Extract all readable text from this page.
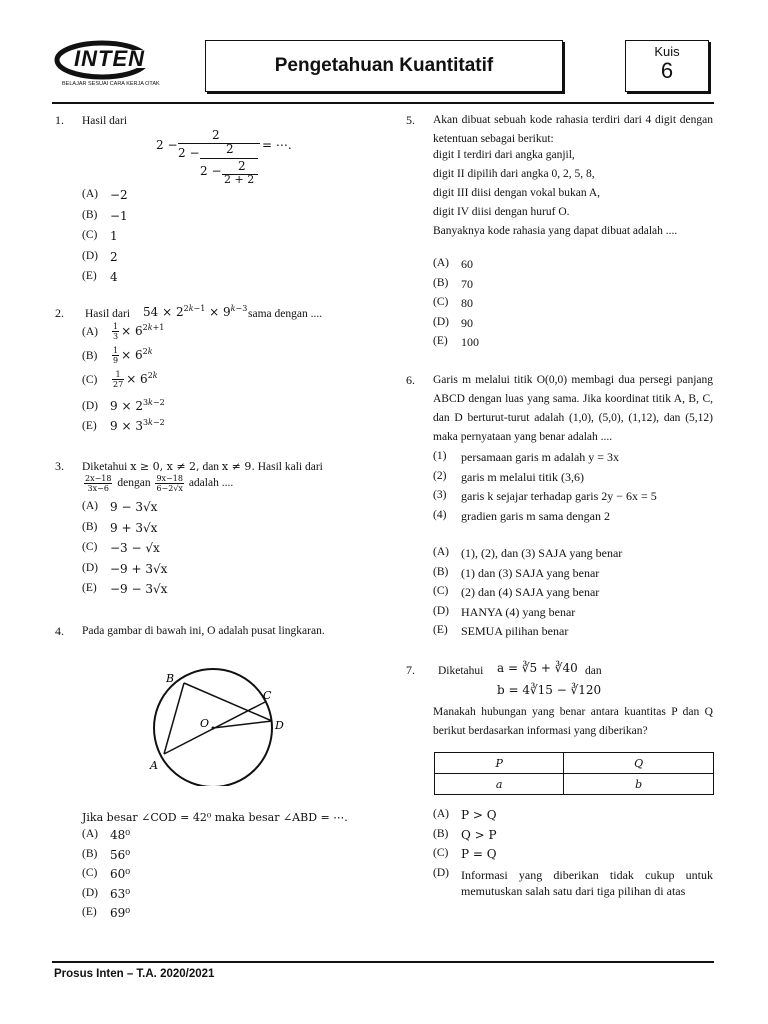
INTEN
BELAJAR SESUAI CARA KERJA OTAK
Pengetahuan Kuantitatif
Kuis
6
1. Hasil dari
2 −
2
2 − 2
2 − 2
2 + 2
= ⋯.
(A)	−2
(B)	−1
(C)	1
(D)	2
(E)	4
2. Hasil dari $54 \times 2^{2k-1} \times 9^{k-3}$ sama dengan ....
(A)	$\frac{1}{3} \times 6^{2k+1}$
(B)	$\frac{1}{9} \times 6^{2k}$
(C)	$\frac{1}{27} \times 6^{2k}$
(D)	$9 \times 2^{3k-2}$
(E)	$9 \times 3^{3k-2}$
3. Diketahui x ≥ 0, x ≠ 2, dan x ≠ 9. Hasil kali dari
$\frac{2x-18}{3x-6}$ dengan $\frac{9x-18}{6-2√x}$ adalah ....
(A)	9 − 3√x
(B)	9 + 3√x
(C)	−3 − √x
(D)	−9 + 3√x
(E)	−9 − 3√x
4. Pada gambar di bawah ini, O adalah pusat lingkaran.
B
C
O	D
A
Jika besar ∠COD = 42⁰ maka besar ∠ABD = ⋯.
(A)	48⁰
(B)	56⁰
(C)	60⁰
(D)	63⁰
(E)	69⁰
5. Akan dibuat sebuah kode rahasia terdiri dari 4 digit dengan ketentuan sebagai berikut:
digit I terdiri dari angka ganjil,
digit II dipilih dari angka 0, 2, 5, 8,
digit III diisi dengan vokal bukan A,
digit IV diisi dengan huruf O.
Banyaknya kode rahasia yang dapat dibuat adalah ....
(A)	60
(B)	70
(C)	80
(D)	90
(E)	100
6. Garis m melalui titik O(0,0) membagi dua persegi panjang ABCD dengan luas yang sama. Jika koordinat titik A, B, C, dan D berturut-turut adalah (1,0), (5,0), (1,12), dan (5,12) maka pernyataan yang benar adalah ....
(1)	persamaan garis m adalah y = 3x
(2)	garis m melalui titik (3,6)
(3)	garis k sejajar terhadap garis 2y − 6x = 5
(4)	gradien garis m sama dengan 2
(A)	(1), (2), dan (3) SAJA yang benar
(B)	(1) dan (3) SAJA yang benar
(C)	(2) dan (4) SAJA yang benar
(D)	HANYA (4) yang benar
(E)	SEMUA pilihan benar
7. Diketahui a = ∛5 + ∛40 dan
b = 4∛15 − ∛120
Manakah hubungan yang benar antara kuantitas P dan Q berikut berdasarkan informasi yang diberikan?
P	Q
a	b
(A)	P > Q
(B)	Q > P
(C)	P = Q
(D)	Informasi yang diberikan tidak cukup untuk memutuskan salah satu dari tiga pilihan di atas
Prosus Inten – T.A. 2020/2021
